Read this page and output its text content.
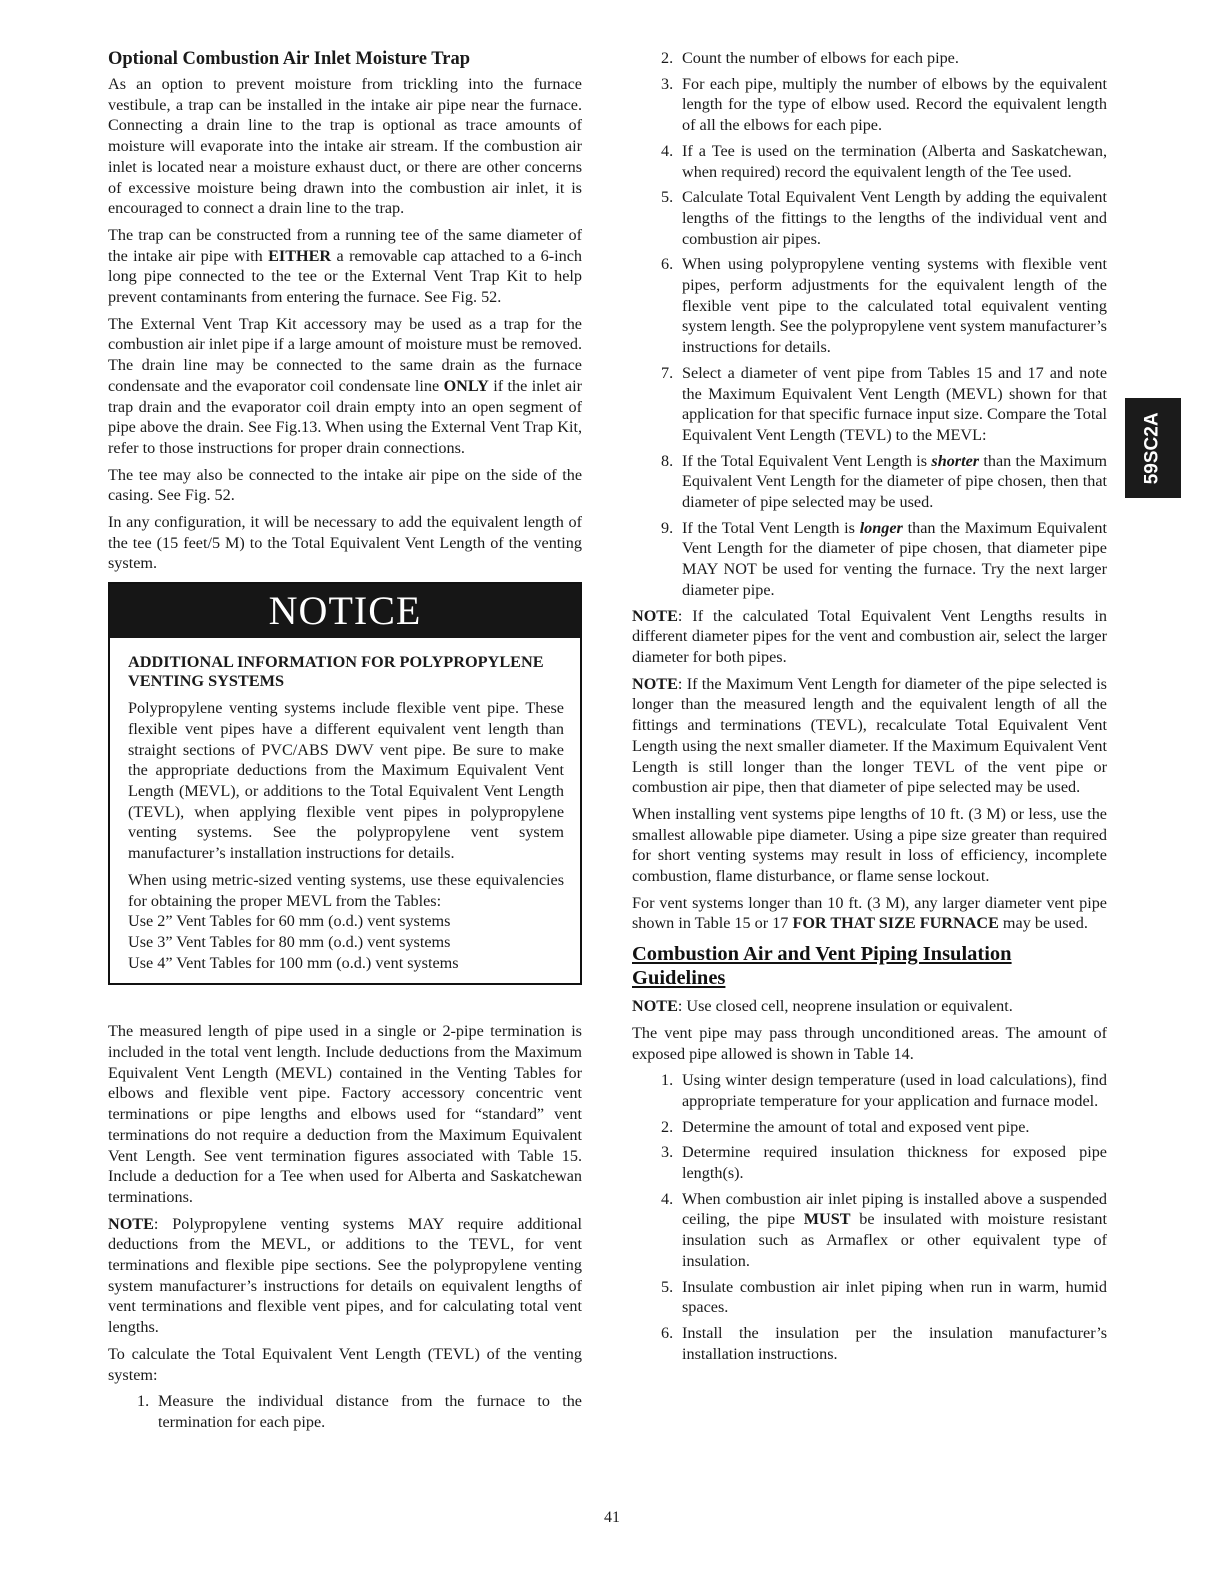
Optional Combustion Air Inlet Moisture Trap

As an option to prevent moisture from trickling into the furnace vestibule, a trap can be installed in the intake air pipe near the furnace. Connecting a drain line to the trap is optional as trace amounts of moisture will evaporate into the intake air stream. If the combustion air inlet is located near a moisture exhaust duct, or there are other concerns of excessive moisture being drawn into the combustion air inlet, it is encouraged to connect a drain line to the trap.

The trap can be constructed from a running tee of the same diameter of the intake air pipe with EITHER a removable cap attached to a 6-inch long pipe connected to the tee or the External Vent Trap Kit to help prevent contaminants from entering the furnace. See Fig. 52.

The External Vent Trap Kit accessory may be used as a trap for the combustion air inlet pipe if a large amount of moisture must be removed. The drain line may be connected to the same drain as the furnace condensate and the evaporator coil condensate line ONLY if the inlet air trap drain and the evaporator coil drain empty into an open segment of pipe above the drain. See Fig.13. When using the External Vent Trap Kit, refer to those instructions for proper drain connections.

The tee may also be connected to the intake air pipe on the side of the casing. See Fig. 52.

In any configuration, it will be necessary to add the equivalent length of the tee (15 feet/5 M) to the Total Equivalent Vent Length of the venting system.

NOTICE
ADDITIONAL INFORMATION FOR POLYPROPYLENE VENTING SYSTEMS

Polypropylene venting systems include flexible vent pipe. These flexible vent pipes have a different equivalent vent length than straight sections of PVC/ABS DWV vent pipe. Be sure to make the appropriate deductions from the Maximum Equivalent Vent Length (MEVL), or additions to the Total Equivalent Vent Length (TEVL), when applying flexible vent pipes in polypropylene venting systems. See the polypropylene vent system manufacturer’s installation instructions for details.

When using metric-sized venting systems, use these equivalencies for obtaining the proper MEVL from the Tables:

Use 2” Vent Tables for 60 mm (o.d.) vent systems
Use 3” Vent Tables for 80 mm (o.d.) vent systems
Use 4” Vent Tables for 100 mm (o.d.) vent systems

The measured length of pipe used in a single or 2-pipe termination is included in the total vent length. Include deductions from the Maximum Equivalent Vent Length (MEVL) contained in the Venting Tables for elbows and flexible vent pipe. Factory accessory concentric vent terminations or pipe lengths and elbows used for “standard” vent terminations do not require a deduction from the Maximum Equivalent Vent Length. See vent termination figures associated with Table 15. Include a deduction for a Tee when used for Alberta and Saskatchewan terminations.

NOTE: Polypropylene venting systems MAY require additional deductions from the MEVL, or additions to the TEVL, for vent terminations and flexible pipe sections. See the polypropylene venting system manufacturer’s instructions for details on equivalent lengths of vent terminations and flexible vent pipes, and for calculating total vent lengths.

To calculate the Total Equivalent Vent Length (TEVL) of the venting system:

1. Measure the individual distance from the furnace to the termination for each pipe.
2. Count the number of elbows for each pipe.
3. For each pipe, multiply the number of elbows by the equivalent length for the type of elbow used. Record the equivalent length of all the elbows for each pipe.
4. If a Tee is used on the termination (Alberta and Saskatchewan, when required) record the equivalent length of the Tee used.
5. Calculate Total Equivalent Vent Length by adding the equivalent lengths of the fittings to the lengths of the individual vent and combustion air pipes.
6. When using polypropylene venting systems with flexible vent pipes, perform adjustments for the equivalent length of the flexible vent pipe to the calculated total equivalent venting system length. See the polypropylene vent system manufacturer’s instructions for details.
7. Select a diameter of vent pipe from Tables 15 and 17 and note the Maximum Equivalent Vent Length (MEVL) shown for that application for that specific furnace input size. Compare the Total Equivalent Vent Length (TEVL) to the MEVL:
8. If the Total Equivalent Vent Length is shorter than the Maximum Equivalent Vent Length for the diameter of pipe chosen, then that diameter of pipe selected may be used.
9. If the Total Vent Length is longer than the Maximum Equivalent Vent Length for the diameter of pipe chosen, that diameter pipe MAY NOT be used for venting the furnace. Try the next larger diameter pipe.

NOTE: If the calculated Total Equivalent Vent Lengths results in different diameter pipes for the vent and combustion air, select the larger diameter for both pipes.

NOTE: If the Maximum Vent Length for diameter of the pipe selected is longer than the measured length and the equivalent length of all the fittings and terminations (TEVL), recalculate Total Equivalent Vent Length using the next smaller diameter. If the Maximum Equivalent Vent Length is still longer than the longer TEVL of the vent pipe or combustion air pipe, then that diameter of pipe selected may be used.

When installing vent systems pipe lengths of 10 ft. (3 M) or less, use the smallest allowable pipe diameter. Using a pipe size greater than required for short venting systems may result in loss of efficiency, incomplete combustion, flame disturbance, or flame sense lockout.

For vent systems longer than 10 ft. (3 M), any larger diameter vent pipe shown in Table 15 or 17 FOR THAT SIZE FURNACE may be used.

Combustion Air and Vent Piping Insulation Guidelines

NOTE: Use closed cell, neoprene insulation or equivalent.

The vent pipe may pass through unconditioned areas. The amount of exposed pipe allowed is shown in Table 14.

1. Using winter design temperature (used in load calculations), find appropriate temperature for your application and furnace model.
2. Determine the amount of total and exposed vent pipe.
3. Determine required insulation thickness for exposed pipe length(s).
4. When combustion air inlet piping is installed above a suspended ceiling, the pipe MUST be insulated with moisture resistant insulation such as Armaflex or other equivalent type of insulation.
5. Insulate combustion air inlet piping when run in warm, humid spaces.
6. Install the insulation per the insulation manufacturer’s installation instructions.
59SC2A
41
